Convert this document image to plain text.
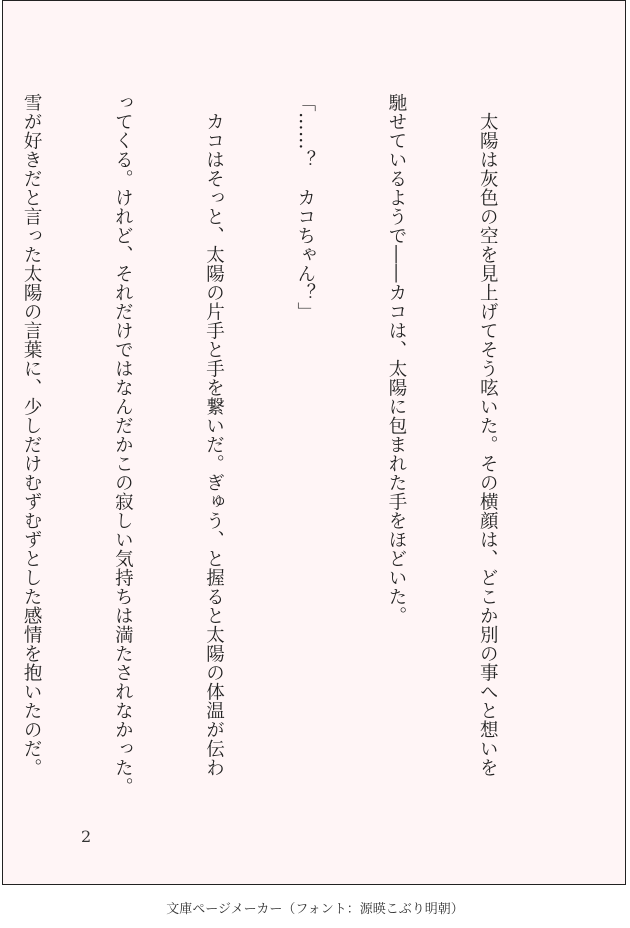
　太陽は灰色の空を見上げてそう呟いた。その横顔は、どこか別の事へと想いを

馳せているようで――カコは、太陽に包まれた手をほどいた。

「……？　カコちゃん？」

　カコはそっと、太陽の片手と手を繋いだ。ぎゅう、と握ると太陽の体温が伝わ

ってくる。けれど、それだけではなんだかこの寂しい気持ちは満たされなかった。

雪が好きだと言った太陽の言葉に、少しだけむずむずとした感情を抱いたのだ。

2
文庫ページメーカー（フォント：源暎こぶり明朝）
